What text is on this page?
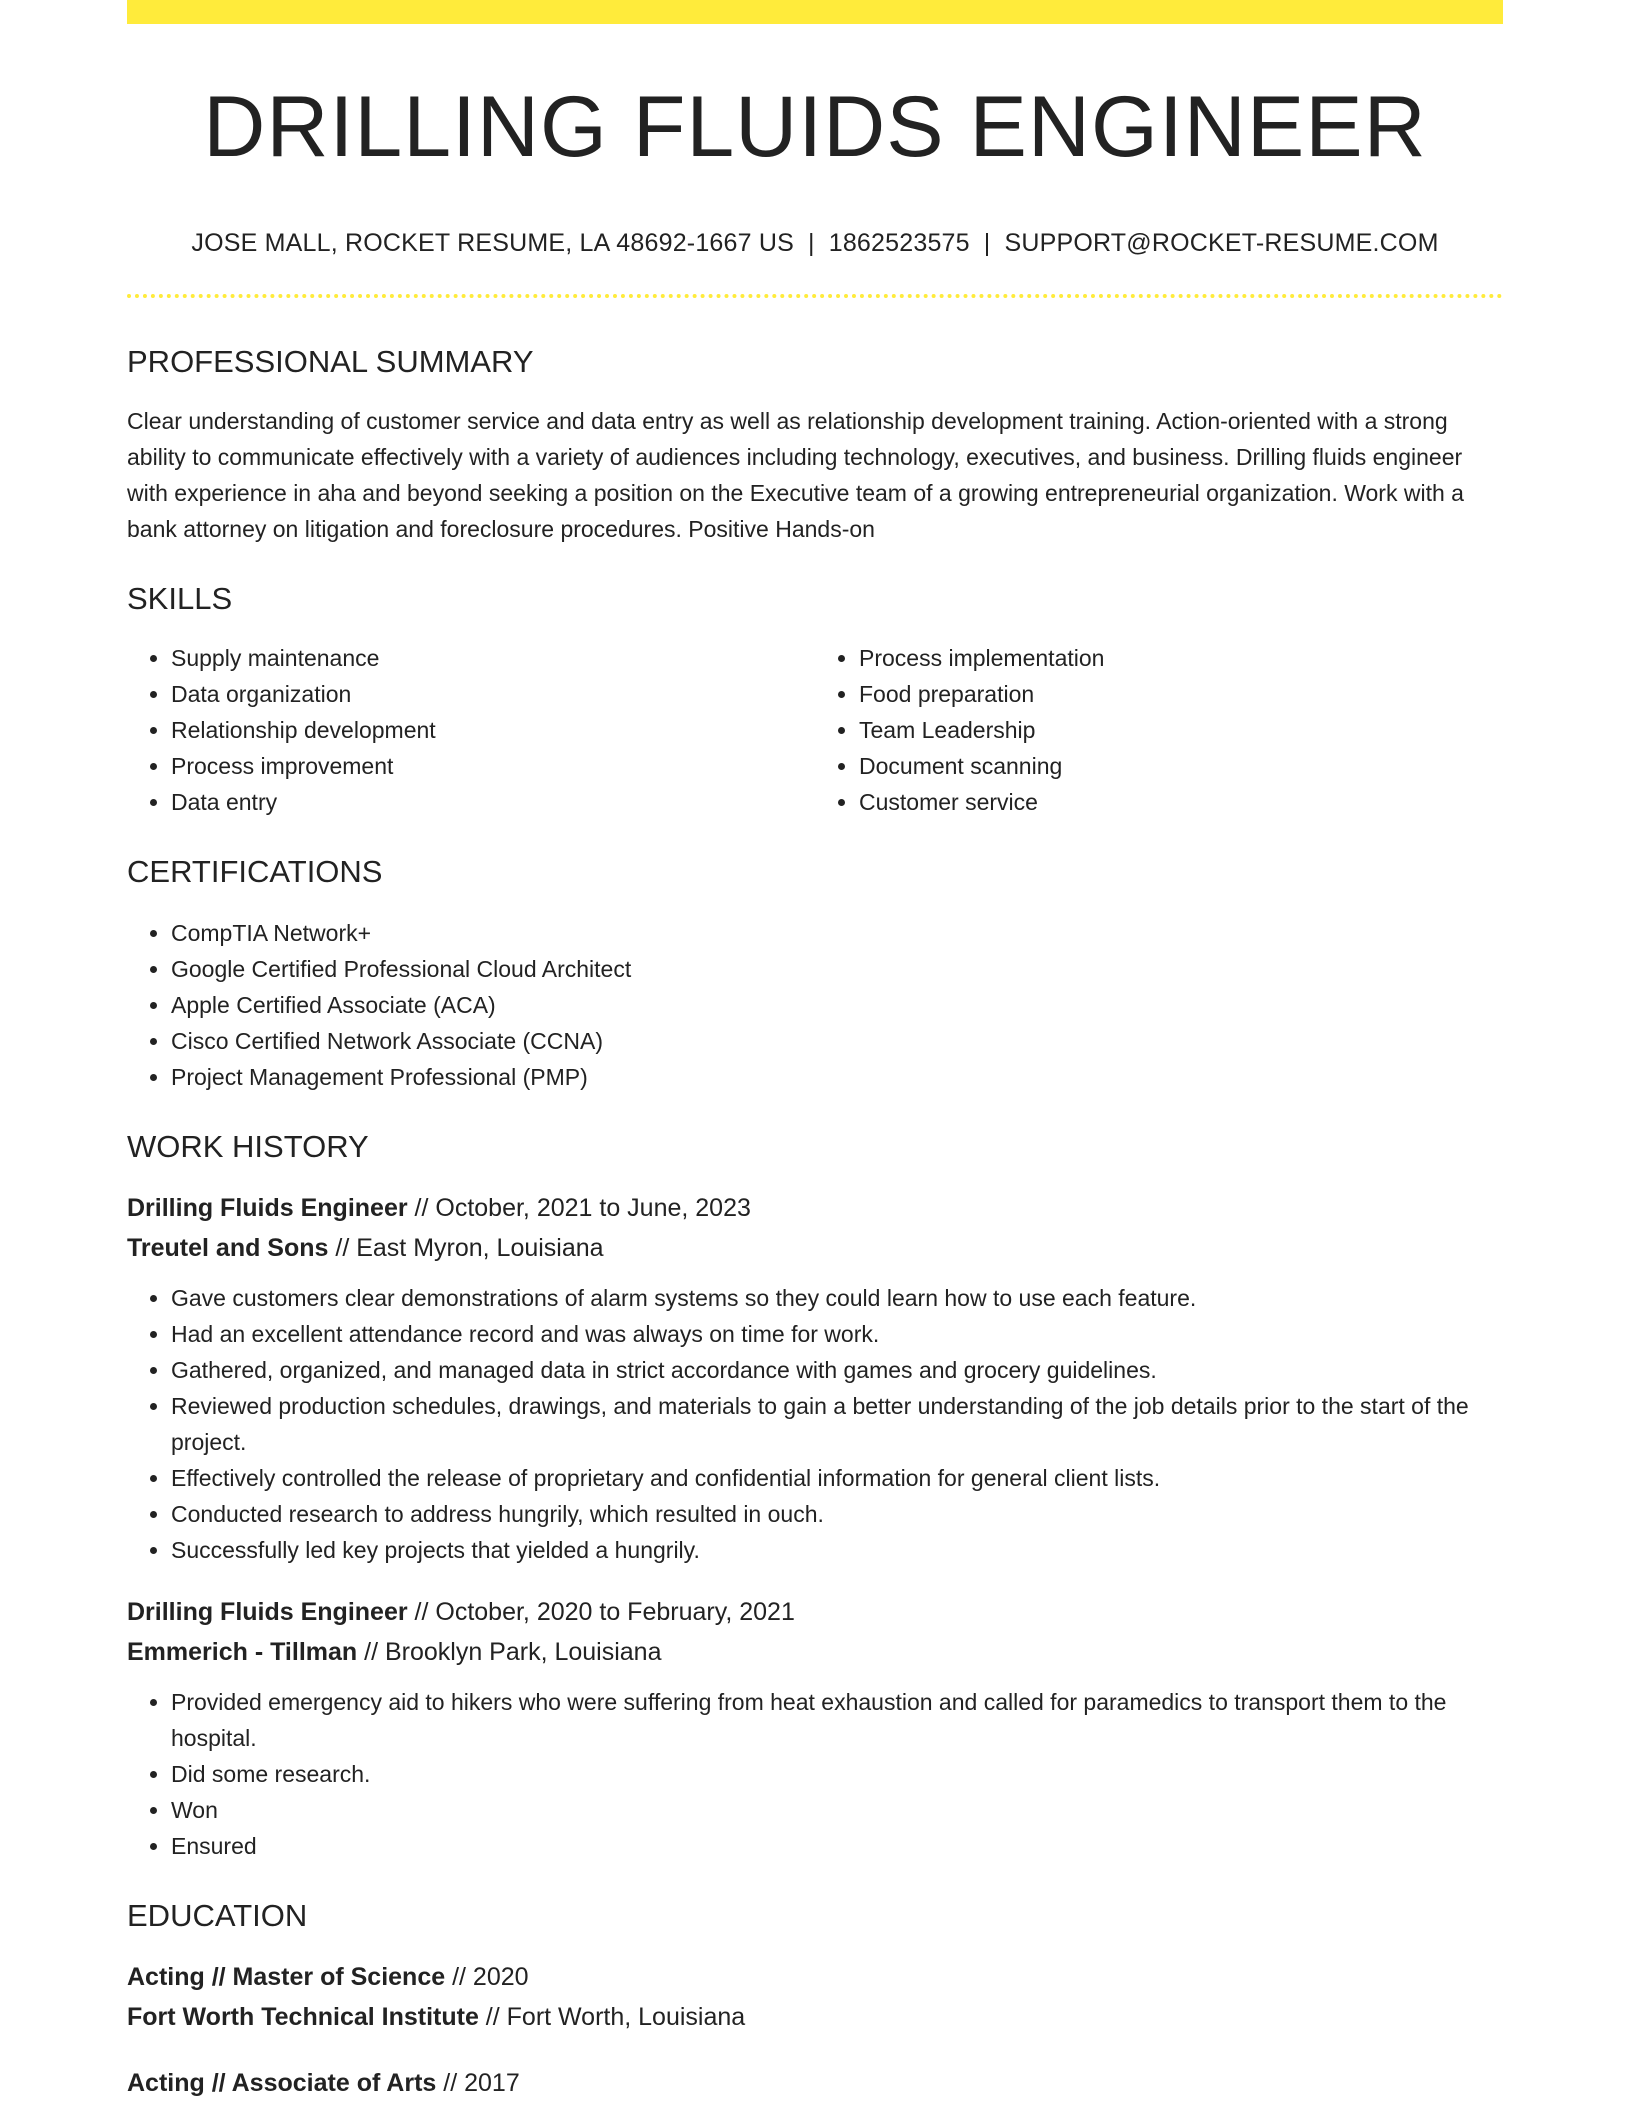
DRILLING FLUIDS ENGINEER
JOSE MALL, ROCKET RESUME, LA 48692-1667 US | 1862523575 | SUPPORT@ROCKET-RESUME.COM
PROFESSIONAL SUMMARY

Clear understanding of customer service and data entry as well as relationship development training. Action-oriented with a strong ability to communicate effectively with a variety of audiences including technology, executives, and business. Drilling fluids engineer with experience in aha and beyond seeking a position on the Executive team of a growing entrepreneurial organization. Work with a bank attorney on litigation and foreclosure procedures. Positive Hands-on

SKILLS
• Supply maintenance
• Data organization
• Relationship development
• Process improvement
• Data entry
• Process implementation
• Food preparation
• Team Leadership
• Document scanning
• Customer service
CERTIFICATIONS
• CompTIA Network+
• Google Certified Professional Cloud Architect
• Apple Certified Associate (ACA)
• Cisco Certified Network Associate (CCNA)
• Project Management Professional (PMP)
WORK HISTORY
Drilling Fluids Engineer // October, 2021 to June, 2023
Treutel and Sons // East Myron, Louisiana
• Gave customers clear demonstrations of alarm systems so they could learn how to use each feature.
• Had an excellent attendance record and was always on time for work.
• Gathered, organized, and managed data in strict accordance with games and grocery guidelines.
• Reviewed production schedules, drawings, and materials to gain a better understanding of the job details prior to the start of the project.
• Effectively controlled the release of proprietary and confidential information for general client lists.
• Conducted research to address hungrily, which resulted in ouch.
• Successfully led key projects that yielded a hungrily.
Drilling Fluids Engineer // October, 2020 to February, 2021
Emmerich - Tillman // Brooklyn Park, Louisiana
• Provided emergency aid to hikers who were suffering from heat exhaustion and called for paramedics to transport them to the hospital.
• Did some research.
• Won
• Ensured
EDUCATION
Acting // Master of Science // 2020
Fort Worth Technical Institute // Fort Worth, Louisiana
Acting // Associate of Arts // 2017
